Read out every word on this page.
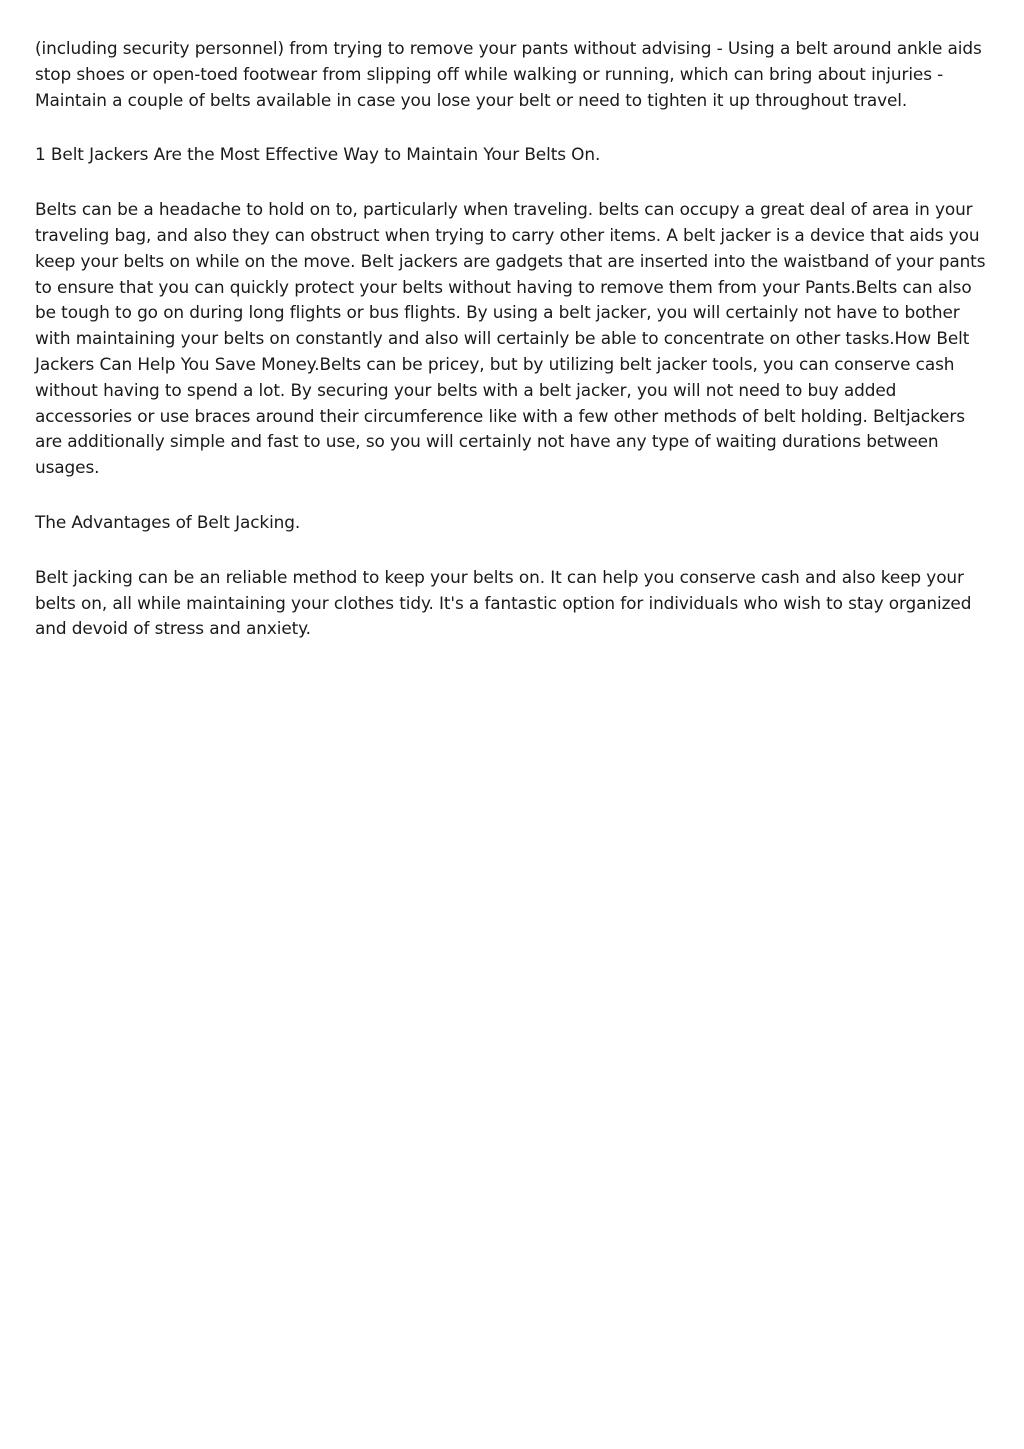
(including security personnel) from trying to remove your pants without advising - Using a belt around ankle aids stop shoes or open-toed footwear from slipping off while walking or running, which can bring about injuries - Maintain a couple of belts available in case you lose your belt or need to tighten it up throughout travel.

1 Belt Jackers Are the Most Effective Way to Maintain Your Belts On.

Belts can be a headache to hold on to, particularly when traveling. belts can occupy a great deal of area in your traveling bag, and also they can obstruct when trying to carry other items. A belt jacker is a device that aids you keep your belts on while on the move. Belt jackers are gadgets that are inserted into the waistband of your pants to ensure that you can quickly protect your belts without having to remove them from your Pants.Belts can also be tough to go on during long flights or bus flights. By using a belt jacker, you will certainly not have to bother with maintaining your belts on constantly and also will certainly be able to concentrate on other tasks.How Belt Jackers Can Help You Save Money.Belts can be pricey, but by utilizing belt jacker tools, you can conserve cash without having to spend a lot. By securing your belts with a belt jacker, you will not need to buy added accessories or use braces around their circumference like with a few other methods of belt holding. Beltjackers are additionally simple and fast to use, so you will certainly not have any type of waiting durations between usages.

The Advantages of Belt Jacking.

Belt jacking can be an reliable method to keep your belts on. It can help you conserve cash and also keep your belts on, all while maintaining your clothes tidy. It's a fantastic option for individuals who wish to stay organized and devoid of stress and anxiety.
